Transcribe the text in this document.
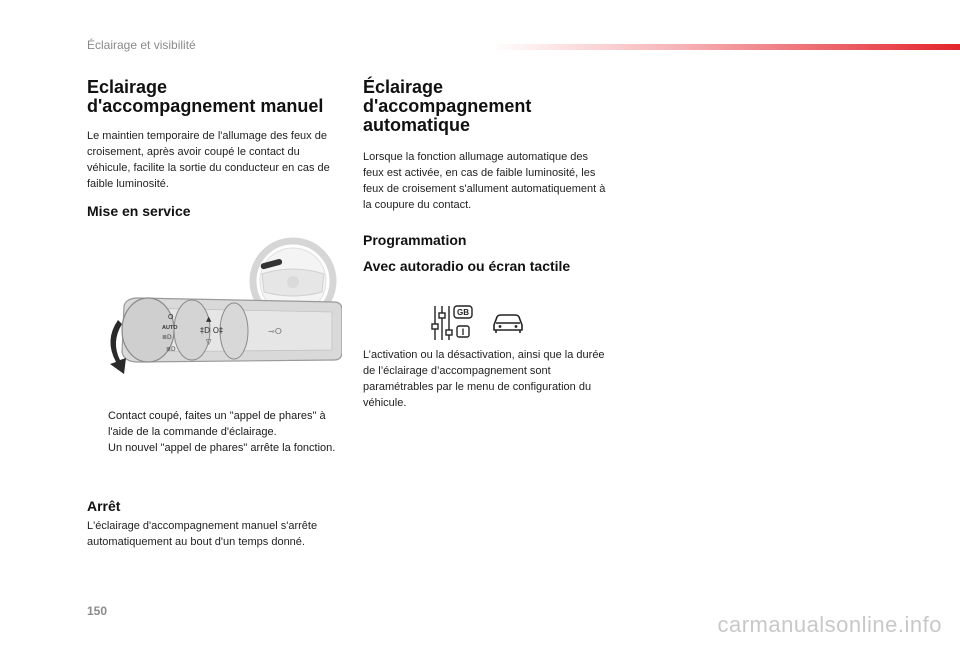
Éclairage et visibilité
Eclairage
d'accompagnement manuel

Le maintien temporaire de l'allumage des feux de croisement, après avoir coupé le contact du véhicule, facilite la sortie du conducteur en cas de faible luminosité.

Mise en service
O
AUTO
≣D
≣D
‡D O‡
▲
▽
⊸ⵔ
Contact coupé, faites un "appel de phares" à l'aide de la commande d'éclairage.
Un nouvel "appel de phares" arrête la fonction.
Arrêt

L'éclairage d'accompagnement manuel s'arrête automatiquement au bout d'un temps donné.

Éclairage
d'accompagnement
automatique

Lorsque la fonction allumage automatique des feux est activée, en cas de faible luminosité, les feux de croisement s'allument automatiquement à la coupure du contact.

Programmation
Avec autoradio ou écran tactile
GB
I

L’activation ou la désactivation, ainsi que la durée de l’éclairage d’accompagnement sont paramétrables par le menu de configuration du véhicule.

150
carmanualsonline.info
